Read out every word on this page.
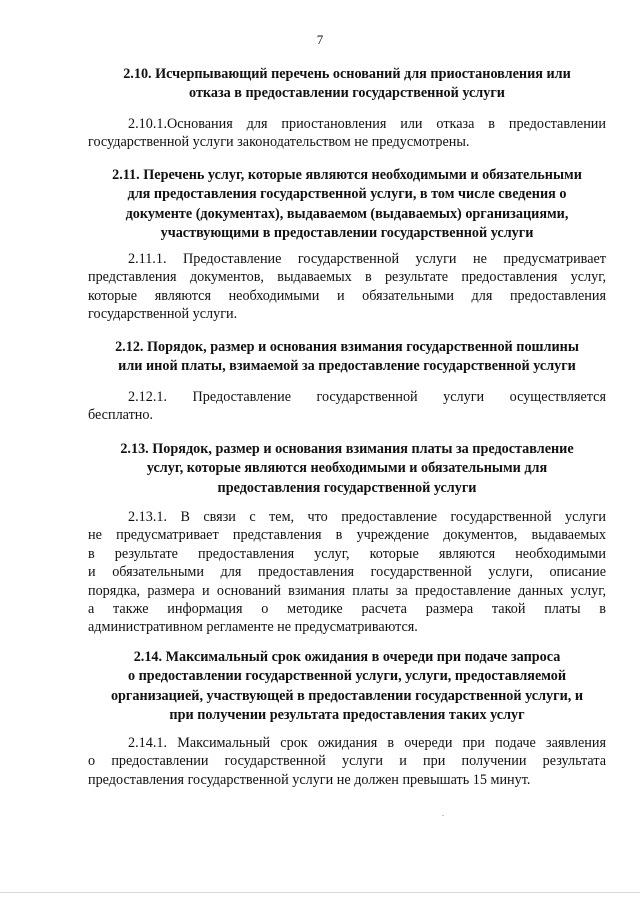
7
2.10. Исчерпывающий перечень оснований для приостановления или
отказа в предоставлении государственной услуги
2.10.1.Основания для приостановления или отказа в предоставлении
государственной услуги законодательством не предусмотрены.
2.11. Перечень услуг, которые являются необходимыми и обязательными
для предоставления государственной услуги, в том числе сведения о
документе (документах), выдаваемом (выдаваемых) организациями,
участвующими в предоставлении государственной услуги
2.11.1. Предоставление государственной услуги не предусматривает
представления документов, выдаваемых в результате предоставления услуг,
которые являются необходимыми и обязательными для предоставления
государственной услуги.
2.12. Порядок, размер и основания взимания государственной пошлины
или иной платы, взимаемой за предоставление государственной услуги
2.12.1. Предоставление государственной услуги осуществляется
бесплатно.
2.13. Порядок, размер и основания взимания платы за предоставление
услуг, которые являются необходимыми и обязательными для
предоставления государственной услуги
2.13.1. В связи с тем, что предоставление государственной услуги
не предусматривает представления в учреждение документов, выдаваемых
в результате предоставления услуг, которые являются необходимыми
и обязательными для предоставления государственной услуги, описание
порядка, размера и оснований взимания платы за предоставление данных услуг,
а также информация о методике расчета размера такой платы в
административном регламенте не предусматриваются.
2.14. Максимальный срок ожидания в очереди при подаче запроса
о предоставлении государственной услуги, услуги, предоставляемой
организацией, участвующей в предоставлении государственной услуги, и
при получении результата предоставления таких услуг
2.14.1. Максимальный срок ожидания в очереди при подаче заявления
о предоставлении государственной услуги и при получении результата
предоставления государственной услуги не должен превышать 15 минут.
